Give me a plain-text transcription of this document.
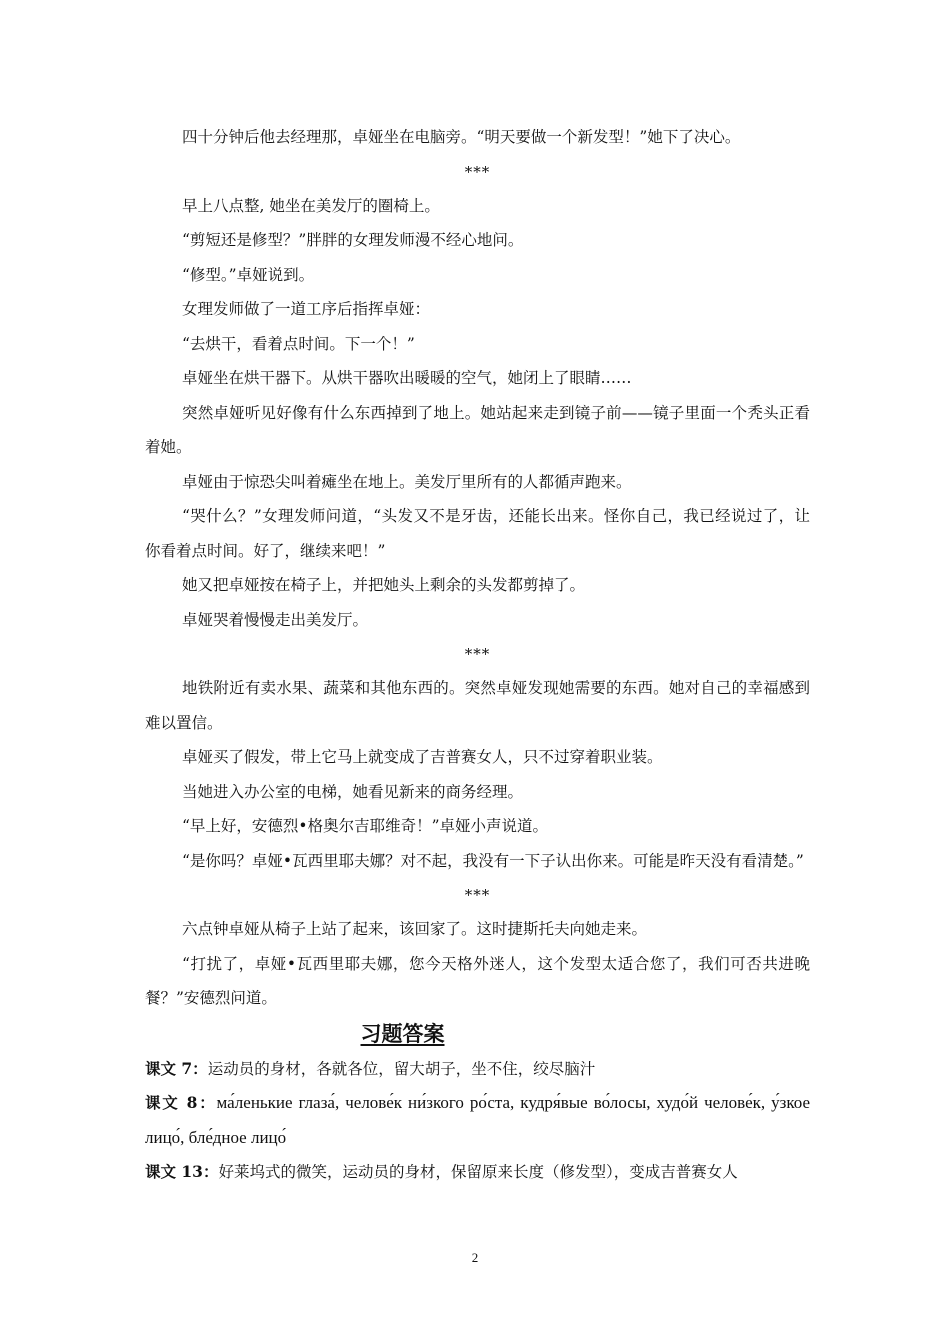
四十分钟后他去经理那，卓娅坐在电脑旁。“明天要做一个新发型！”她下了决心。

***

早上八点整, 她坐在美发厅的圈椅上。

“剪短还是修型？”胖胖的女理发师漫不经心地问。

“修型。”卓娅说到。

女理发师做了一道工序后指挥卓娅：

“去烘干，看着点时间。下一个！”

卓娅坐在烘干器下。从烘干器吹出暖暖的空气，她闭上了眼睛……

突然卓娅听见好像有什么东西掉到了地上。她站起来走到镜子前——镜子里面一个秃头正看着她。

卓娅由于惊恐尖叫着瘫坐在地上。美发厅里所有的人都循声跑来。

“哭什么？”女理发师问道，“头发又不是牙齿，还能长出来。怪你自己，我已经说过了，让你看着点时间。好了，继续来吧！”

她又把卓娅按在椅子上，并把她头上剩余的头发都剪掉了。

卓娅哭着慢慢走出美发厅。

***

地铁附近有卖水果、蔬菜和其他东西的。突然卓娅发现她需要的东西。她对自己的幸福感到难以置信。

卓娅买了假发，带上它马上就变成了吉普赛女人，只不过穿着职业装。

当她进入办公室的电梯，她看见新来的商务经理。

“早上好，安德烈•格奥尔吉耶维奇！”卓娅小声说道。

“是你吗？卓娅•瓦西里耶夫娜？对不起，我没有一下子认出你来。可能是昨天没有看清楚。”

***

六点钟卓娅从椅子上站了起来，该回家了。这时捷斯托夫向她走来。

“打扰了，卓娅•瓦西里耶夫娜，您今天格外迷人，这个发型太适合您了，我们可否共进晚餐？”安德烈问道。

习题答案

课文 7：运动员的身材，各就各位，留大胡子，坐不住，绞尽脑汁

课文 8：ма́ленькие глаза́, челове́к ни́зкого ро́ста, кудря́вые во́лосы, худо́й челове́к, у́зкое лицо́, бле́дное лицо́

课文 13：好莱坞式的微笑，运动员的身材，保留原来长度（修发型），变成吉普赛女人

2
